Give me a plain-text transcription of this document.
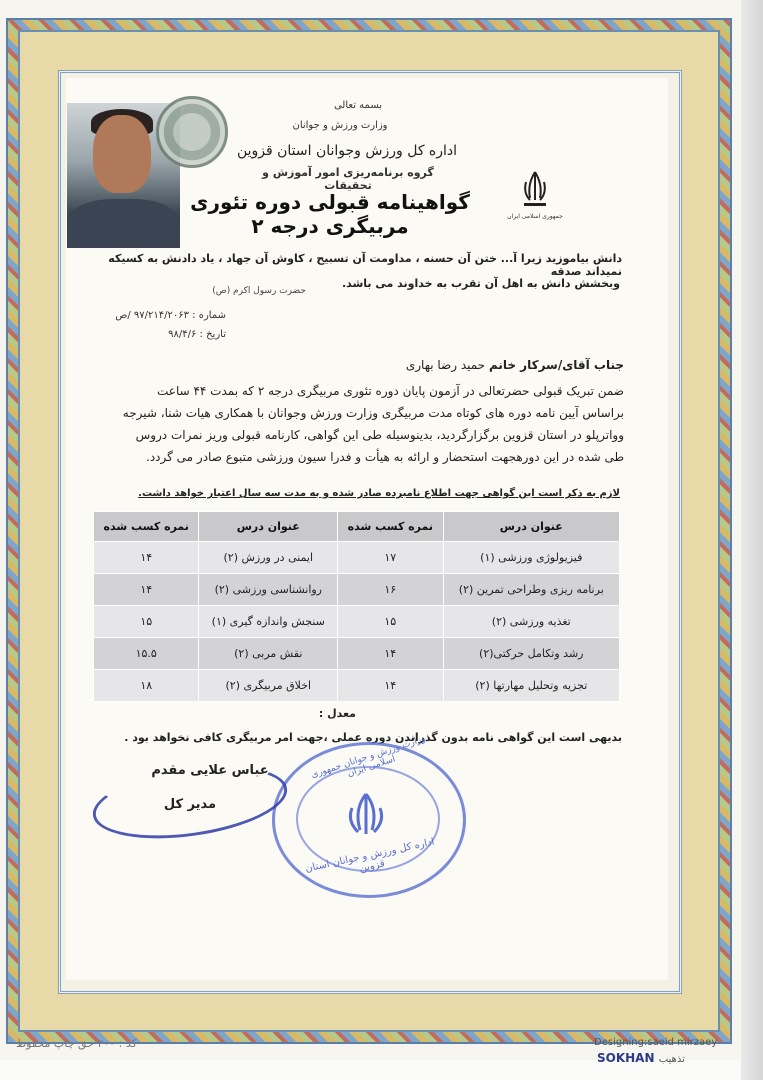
بسمه تعالی
وزارت ورزش و جوانان
اداره کل ورزش وجوانان استان قزوین
گروه برنامه‌ریزی امور آموزش و تحقیقات
گواهینامه قبولی دوره تئوری مربیگری درجه ۲	جمهوری اسلامی ایران
دانش بیاموزید زیرا آ... ختن آن حسنه ، مداومت آن تسبیح ، کاوش آن جهاد ، یاد دادنش به کسیکه نمیداند صدقه
وبخشش دانش به اهل آن تقرب به خداوند می باشد.
حضرت رسول اکرم (ص)
شماره : ۹۷/۲۱۴/۲۰۶۳ /ص
تاریخ : ۹۸/۴/۶
جناب آقای/سرکار خانم حمید رضا بهاری
ضمن تبریک قبولی حضرتعالی در آزمون پایان دوره تئوری مربیگری درجه ۲ که بمدت ۴۴ ساعت
براساس آیین نامه دوره های کوتاه مدت مربیگری وزارت ورزش وجوانان با همکاری هیات شنا، شیرجه
وواترپلو در استان قزوین برگزارگردید، بدینوسیله طی این گواهی، کارنامه قبولی وریز نمرات دروس
طی شده در این دورهجهت استحضار و ارائه به هیأت و فدرا سیون ورزشی متبوع صادر می گردد.
لازم به ذکر است این گواهی جهت اطلاع نامبرده صادر شده و به مدت سه سال اعتبار خواهد داشت.
عنوان درس	نمره کسب شده	عنوان درس	نمره کسب شده
فیزیولوژی ورزشی (۱)	۱۷	ایمنی در ورزش (۲)	۱۴
برنامه ریزی وطراحی تمرین (۲)	۱۶	روانشناسی ورزشی (۲)	۱۴
تغذیه ورزشی (۲)	۱۵	سنجش واندازه گیری (۱)	۱۵
رشد وتکامل حرکتی(۲)	۱۴	نقش مربی (۲)	۱۵.۵
تجزیه وتحلیل مهارتها (۲)	۱۴	اخلاق مربیگری (۲)	۱۸
معدل :
بدیهی است این گواهی نامه بدون گذراندن دوره عملی ،جهت امر مربیگری کافی نخواهد بود .
وزارت ورزش و جوانان جمهوری اسلامی ایران
اداره کل ورزش و جوانان استان قزوین
عباس علایی مقدم
مدیر کل
کد : ۲۰۰ حق چاپ محفوظ	Designing:saeid mirzaey
SOKHAN تذهیب
